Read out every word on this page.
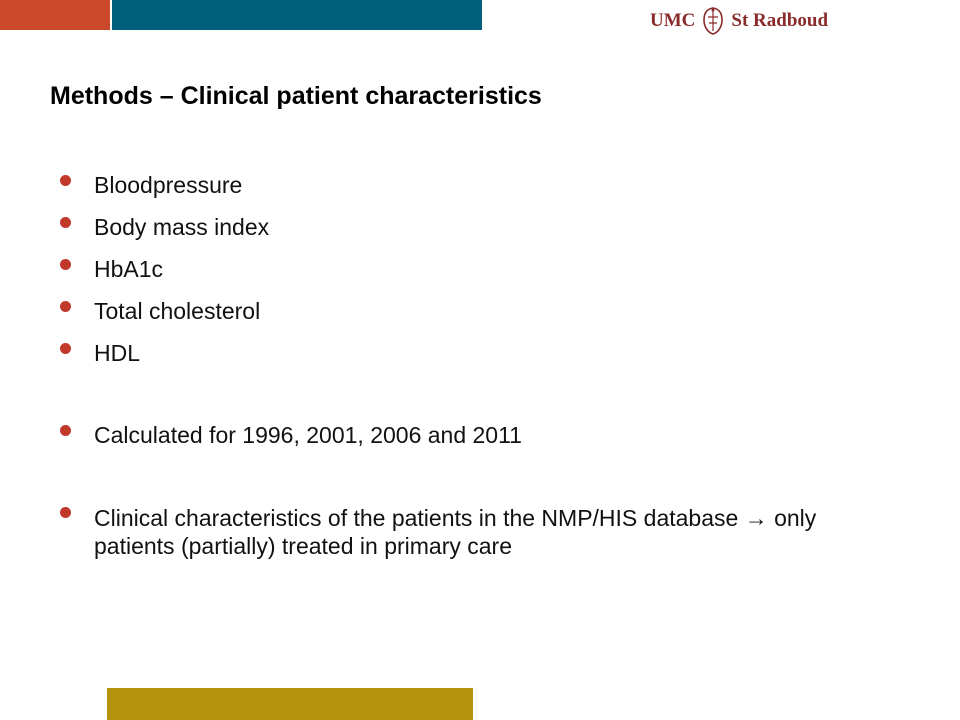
UMC St Radboud
Methods – Clinical patient characteristics
Bloodpressure
Body mass index
HbA1c
Total cholesterol
HDL
Calculated for 1996, 2001, 2006 and 2011
Clinical characteristics of the patients in the NMP/HIS database → only patients (partially) treated in primary care
